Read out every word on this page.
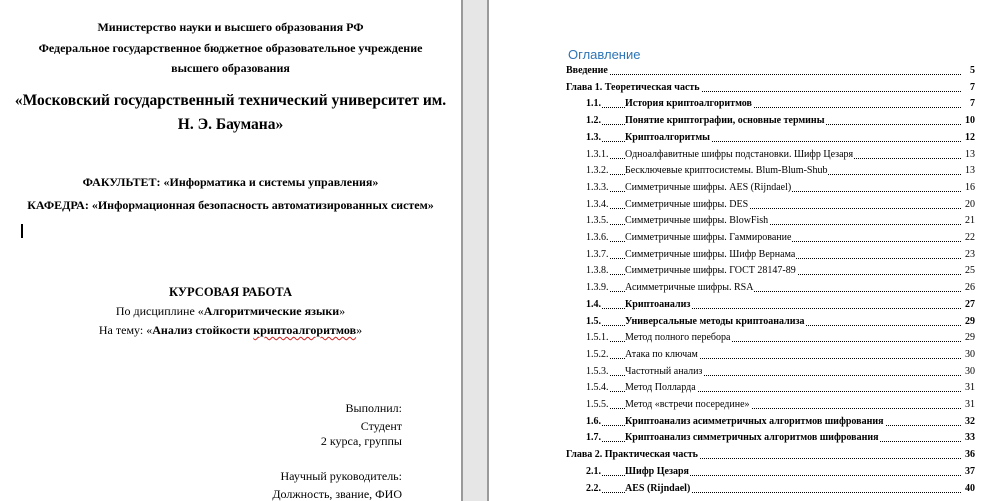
Министерство науки и высшего образования РФ
Федеральное государственное бюджетное образовательное учреждение
высшего образования
«Московский государственный технический университет им.
Н. Э. Баумана»
ФАКУЛЬТЕТ: «Информатика и системы управления»
КАФЕДРА: «Информационная безопасность автоматизированных систем»
КУРСОВАЯ РАБОТА
По дисциплине «Алгоритмические языки»
На тему: «Анализ стойкости криптоалгоритмов»
Выполнил:
Студент
2 курса, группы
Научный руководитель:
Должность, звание, ФИО
Оглавление
Введение	5
Глава 1. Теоретическая часть	7
1.1. История криптоалгоритмов	7
1.2. Понятие криптографии, основные термины	10
1.3. Криптоалгоритмы	12
1.3.1. Одноалфавитные шифры подстановки. Шифр Цезаря	13
1.3.2. Бесключевые криптосистемы. Blum-Blum-Shub	13
1.3.3. Симметричные шифры. AES (Rijndael)	16
1.3.4. Симметричные шифры. DES	20
1.3.5. Симметричные шифры. BlowFish	21
1.3.6. Симметричные шифры. Гаммирование	22
1.3.7. Симметричные шифры. Шифр Вернама	23
1.3.8. Симметричные шифры. ГОСТ 28147-89	25
1.3.9. Асимметричные шифры. RSA	26
1.4. Криптоанализ	27
1.5. Универсальные методы криптоанализа	29
1.5.1. Метод полного перебора	29
1.5.2. Атака по ключам	30
1.5.3. Частотный анализ	30
1.5.4. Метод Полларда	31
1.5.5. Метод «встречи посередине»	31
1.6. Криптоанализ асимметричных алгоритмов шифрования	32
1.7. Криптоанализ симметричных алгоритмов шифрования	33
Глава 2. Практическая часть	36
2.1. Шифр Цезаря	37
2.2. AES (Rijndael)	40
